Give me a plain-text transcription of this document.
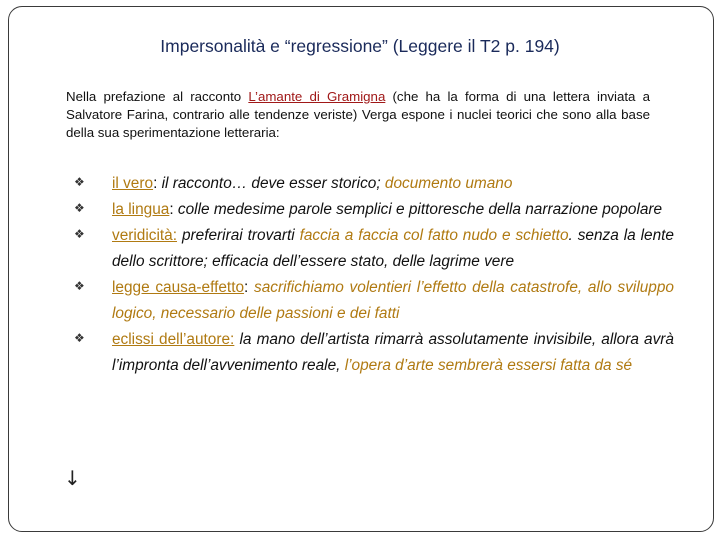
Impersonalità e “regressione” (Leggere il T2 p. 194)
Nella prefazione al racconto L’amante di Gramigna (che ha la forma di una lettera inviata a Salvatore Farina, contrario alle tendenze veriste) Verga espone i nuclei teorici che sono alla base della sua sperimentazione letteraria:
❖ il vero: il racconto… deve esser storico; documento umano
❖ la lingua: colle medesime parole semplici e pittoresche della narrazione popolare
❖ veridicità: preferirai trovarti faccia a faccia col fatto nudo e schietto. senza la lente dello scrittore; efficacia dell’essere stato, delle lagrime vere
❖ legge causa-effetto: sacrifichiamo volentieri l’effetto della catastrofe, allo sviluppo logico, necessario delle passioni e dei fatti
❖ eclissi dell’autore: la mano dell’artista rimarrà assolutamente invisibile, allora avrà l’impronta dell’avvenimento reale, l’opera d’arte sembrerà essersi fatta da sé
↓
